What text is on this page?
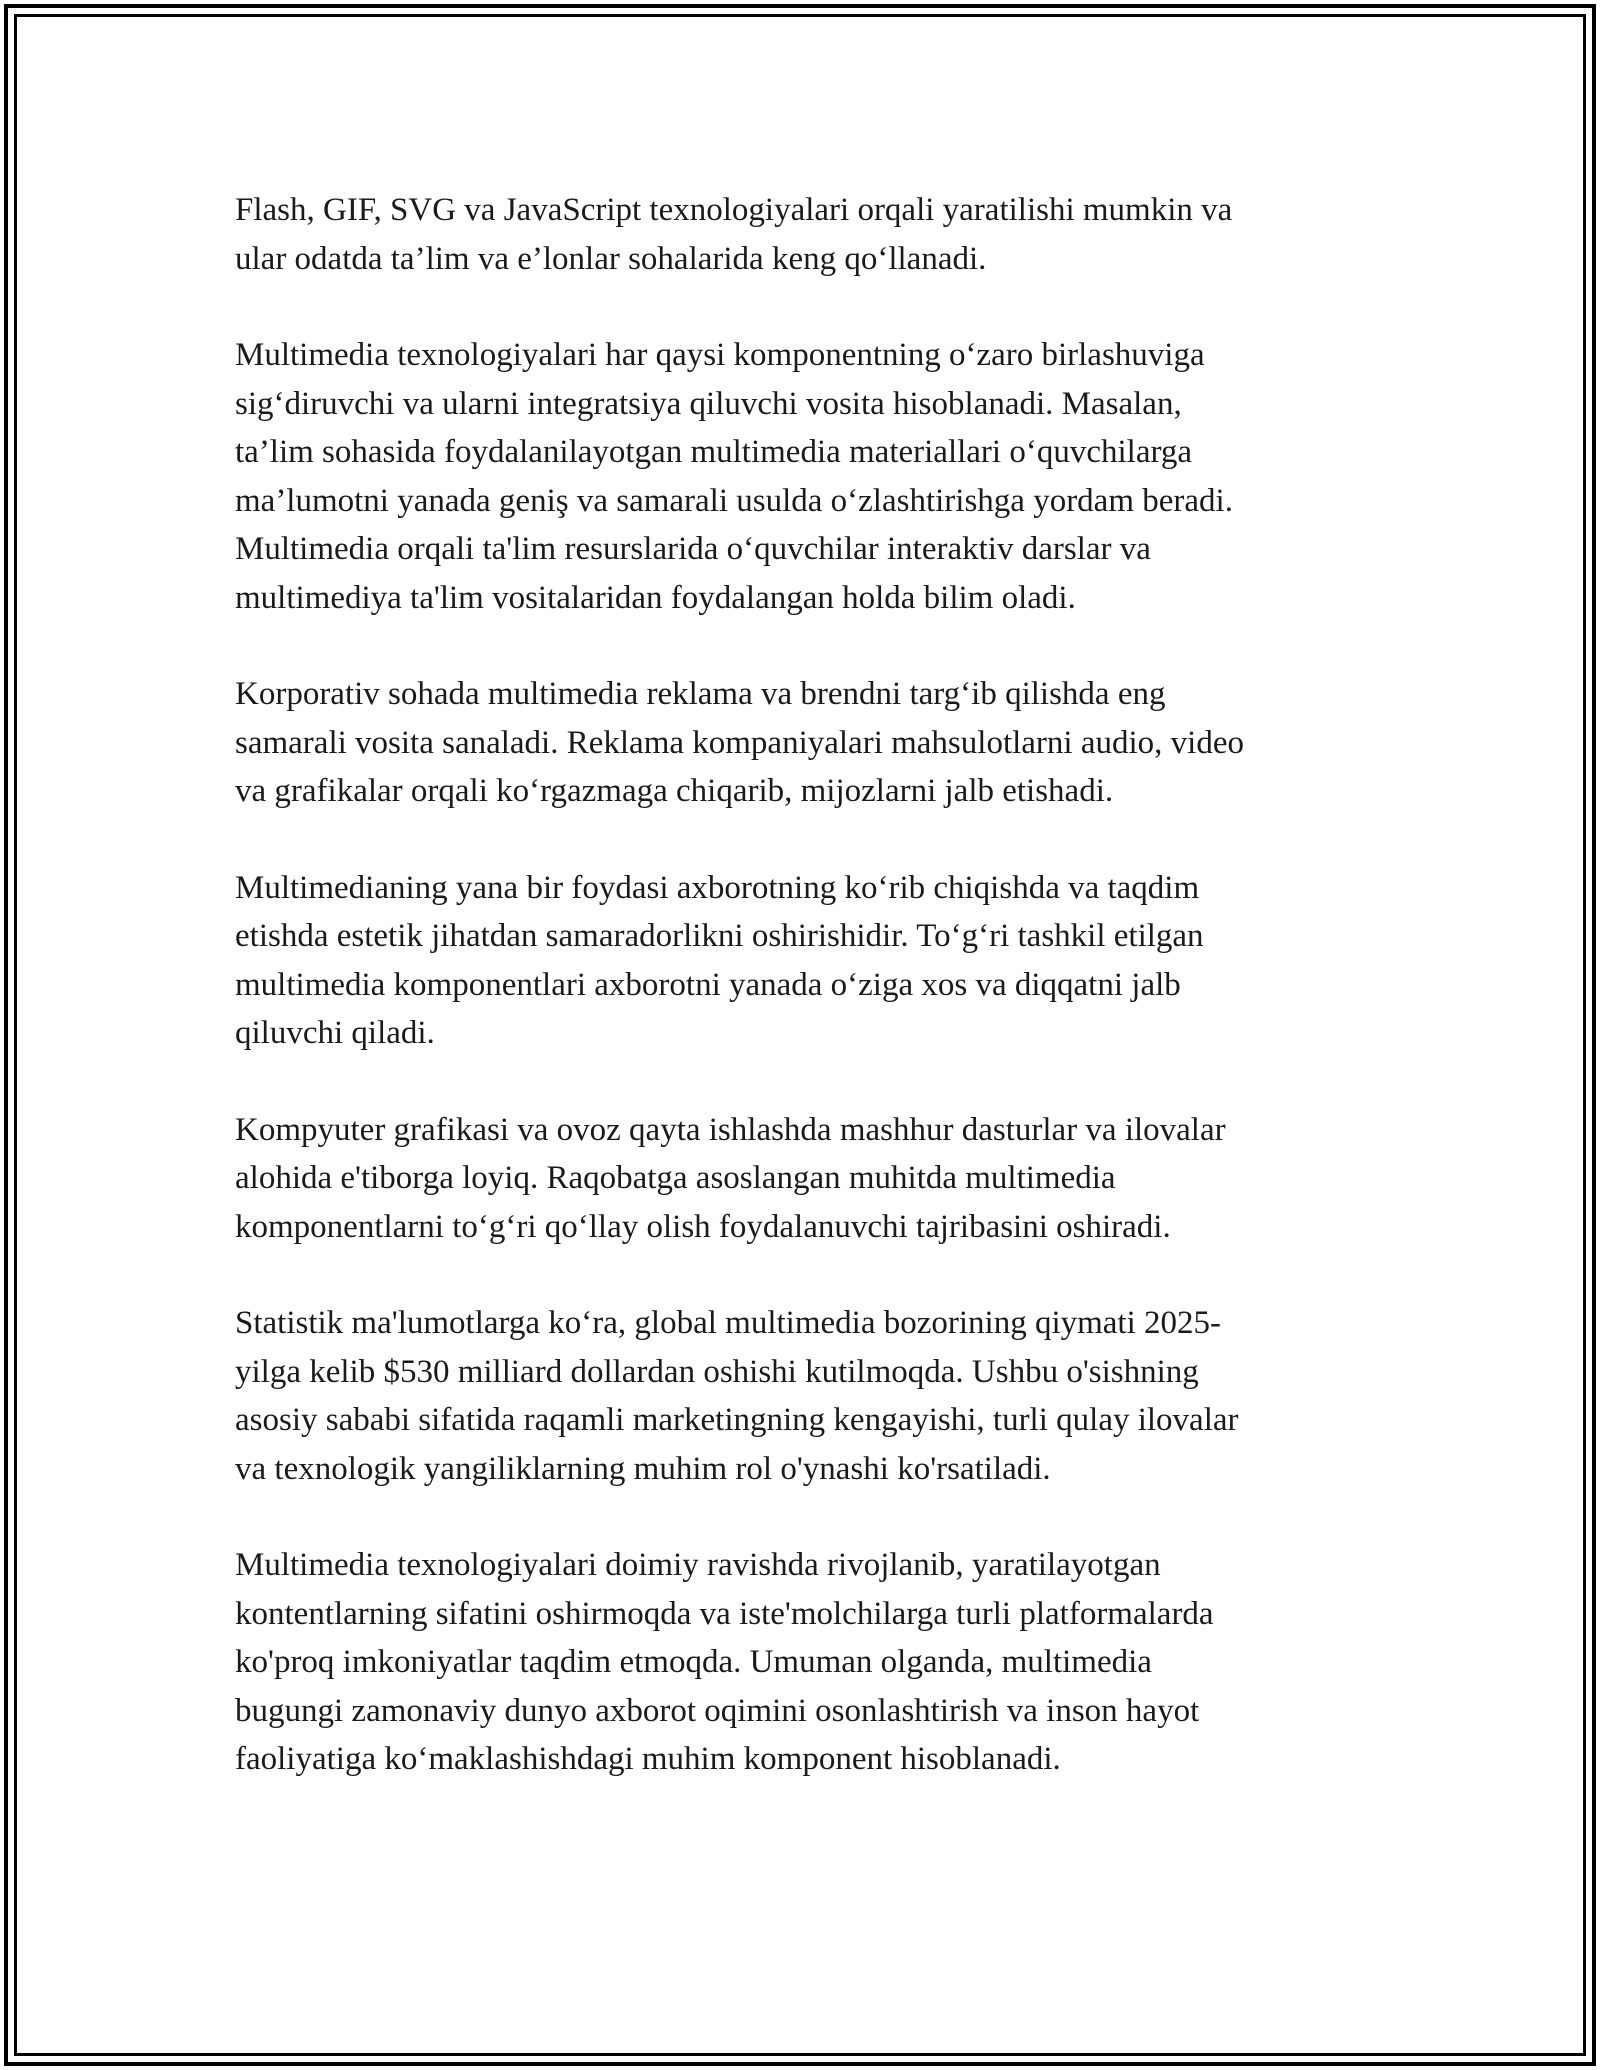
Flash, GIF, SVG va JavaScript texnologiyalari orqali yaratilishi mumkin va
ular odatda ta’lim va e’lonlar sohalarida keng qo‘llanadi.

Multimedia texnologiyalari har qaysi komponentning o‘zaro birlashuviga
sig‘diruvchi va ularni integratsiya qiluvchi vosita hisoblanadi. Masalan,
ta’lim sohasida foydalanilayotgan multimedia materiallari o‘quvchilarga
ma’lumotni yanada geniş va samarali usulda o‘zlashtirishga yordam beradi.
Multimedia orqali ta'lim resurslarida o‘quvchilar interaktiv darslar va
multimediya ta'lim vositalaridan foydalangan holda bilim oladi.

Korporativ sohada multimedia reklama va brendni targ‘ib qilishda eng
samarali vosita sanaladi. Reklama kompaniyalari mahsulotlarni audio, video
va grafikalar orqali ko‘rgazmaga chiqarib, mijozlarni jalb etishadi.

Multimedianing yana bir foydasi axborotning ko‘rib chiqishda va taqdim
etishda estetik jihatdan samaradorlikni oshirishidir. To‘g‘ri tashkil etilgan
multimedia komponentlari axborotni yanada o‘ziga xos va diqqatni jalb
qiluvchi qiladi.

Kompyuter grafikasi va ovoz qayta ishlashda mashhur dasturlar va ilovalar
alohida e'tiborga loyiq. Raqobatga asoslangan muhitda multimedia
komponentlarni to‘g‘ri qo‘llay olish foydalanuvchi tajribasini oshiradi.

Statistik ma'lumotlarga ko‘ra, global multimedia bozorining qiymati 2025-
yilga kelib $530 milliard dollardan oshishi kutilmoqda. Ushbu o'sishning
asosiy sababi sifatida raqamli marketingning kengayishi, turli qulay ilovalar
va texnologik yangiliklarning muhim rol o'ynashi ko'rsatiladi.

Multimedia texnologiyalari doimiy ravishda rivojlanib, yaratilayotgan
kontentlarning sifatini oshirmoqda va iste'molchilarga turli platformalarda
ko'proq imkoniyatlar taqdim etmoqda. Umuman olganda, multimedia
bugungi zamonaviy dunyo axborot oqimini osonlashtirish va inson hayot
faoliyatiga ko‘maklashishdagi muhim komponent hisoblanadi.
